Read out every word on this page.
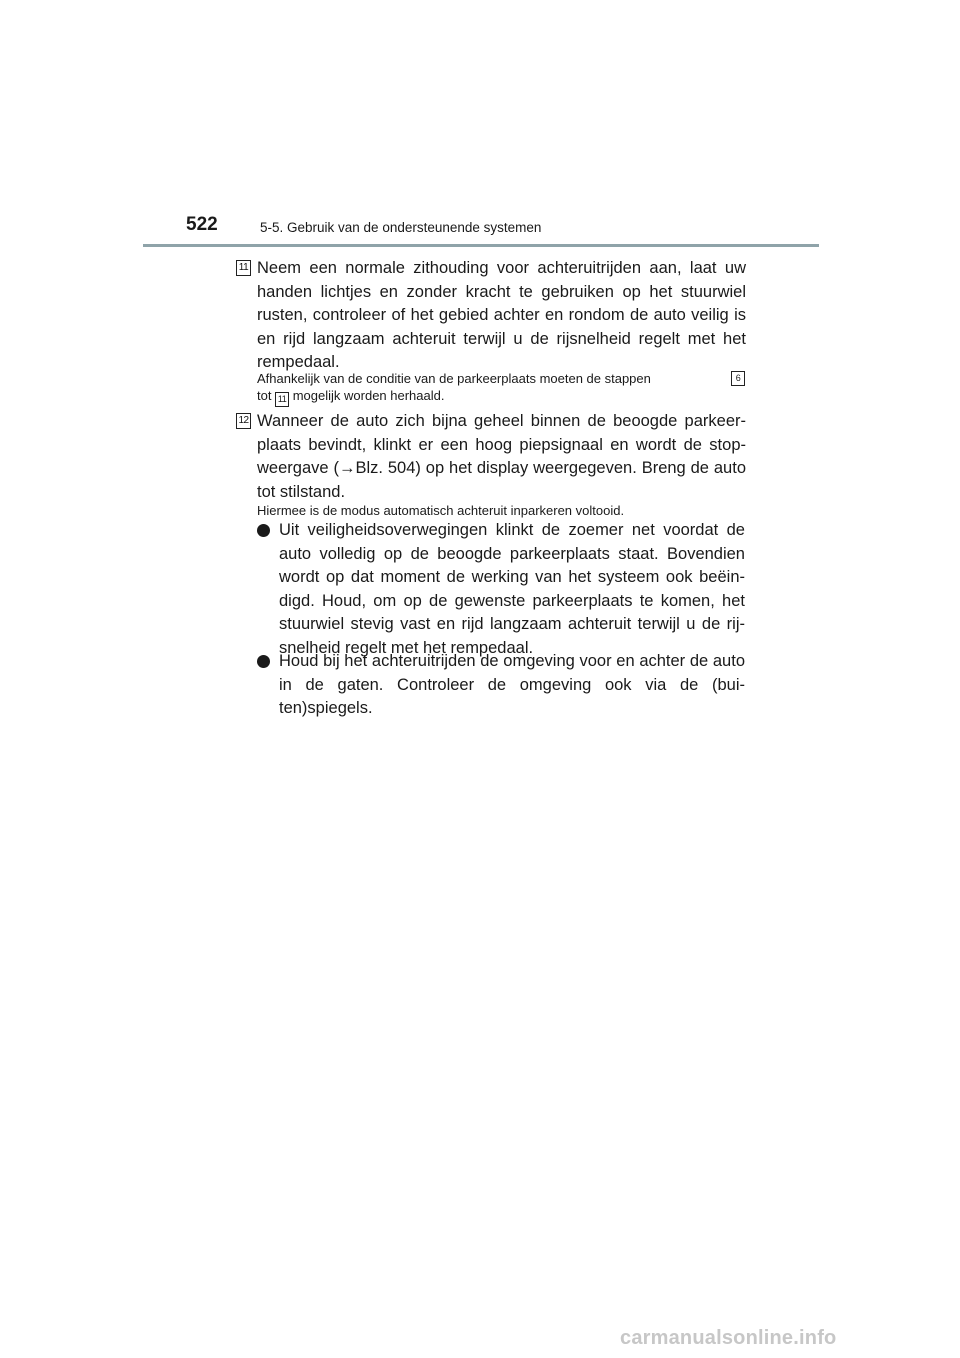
522	5-5. Gebruik van de ondersteunende systemen
11 Neem een normale zithouding voor achteruitrijden aan, laat uw handen lichtjes en zonder kracht te gebruiken op het stuurwiel rusten, controleer of het gebied achter en rondom de auto veilig is en rijd langzaam achteruit terwijl u de rijsnelheid regelt met het rempedaal.
Afhankelijk van de conditie van de parkeerplaats moeten de stappen	6
tot 11 mogelijk worden herhaald.
12 Wanneer de auto zich bijna geheel binnen de beoogde parkeer-plaats bevindt, klinkt er een hoog piepsignaal en wordt de stop-weergave (→Blz. 504) op het display weergegeven. Breng de auto tot stilstand.
Hiermee is de modus automatisch achteruit inparkeren voltooid.
Uit veiligheidsoverwegingen klinkt de zoemer net voordat de auto volledig op de beoogde parkeerplaats staat. Bovendien wordt op dat moment de werking van het systeem ook beëin-digd. Houd, om op de gewenste parkeerplaats te komen, het stuurwiel stevig vast en rijd langzaam achteruit terwijl u de rij-snelheid regelt met het rempedaal.
Houd bij het achteruitrijden de omgeving voor en achter de auto in de gaten. Controleer de omgeving ook via de (bui-ten)spiegels.
carmanualsonline.info
